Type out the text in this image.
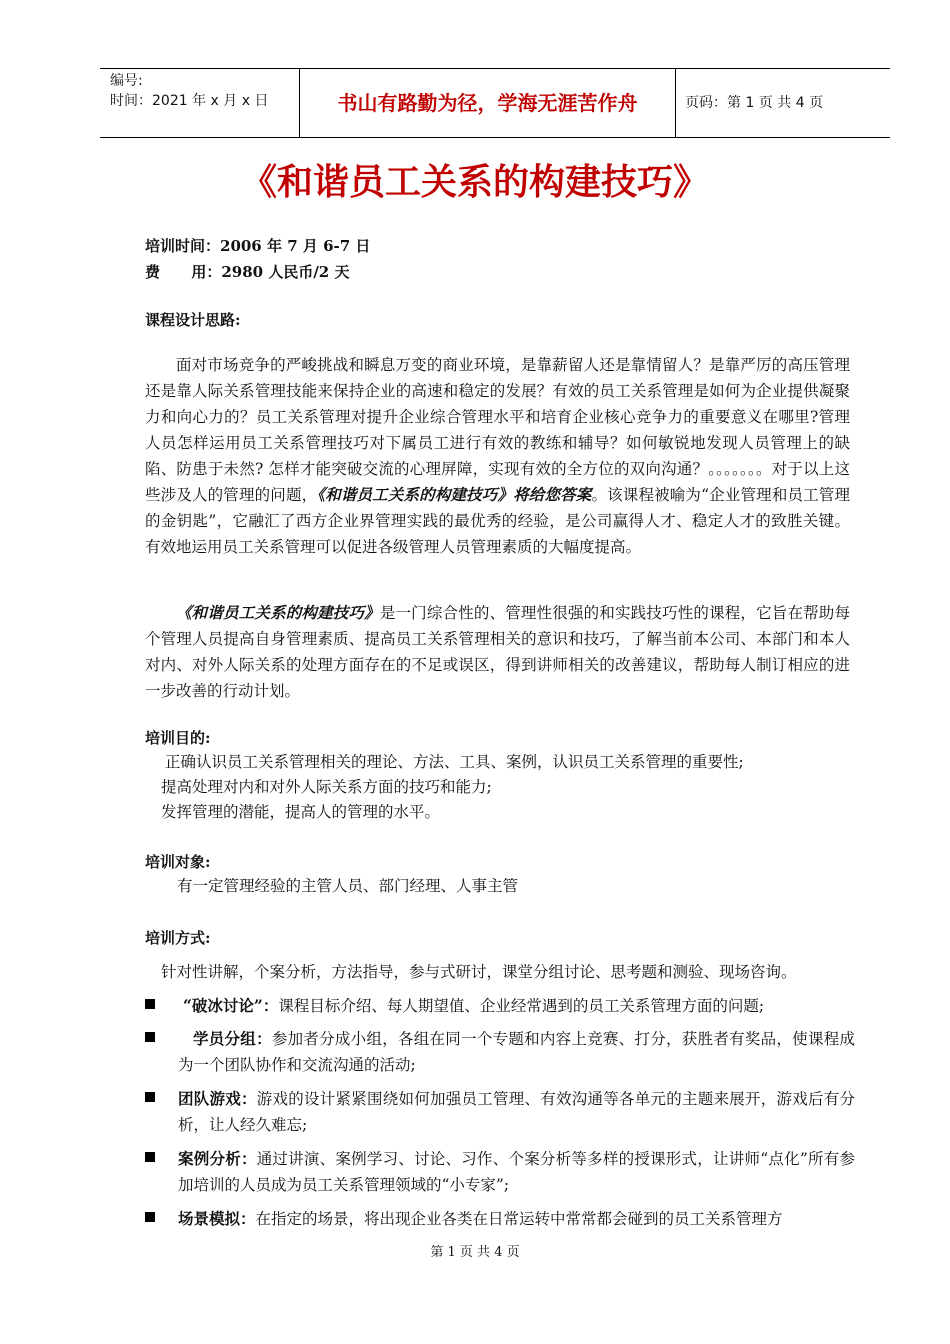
编号:
时间：2021 年 x 月 x 日	书山有路勤为径，学海无涯苦作舟	页码：第 1 页 共 4 页
《和谐员工关系的构建技巧》
培训时间：2006 年 7 月 6-7 日
费      用：2980 人民币/2 天
课程设计思路:

面对市场竞争的严峻挑战和瞬息万变的商业环境，是靠薪留人还是靠情留人？是靠严厉的高压管理还是靠人际关系管理技能来保持企业的高速和稳定的发展？有效的员工关系管理是如何为企业提供凝聚力和向心力的？员工关系管理对提升企业综合管理水平和培育企业核心竞争力的重要意义在哪里?管理人员怎样运用员工关系管理技巧对下属员工进行有效的教练和辅导？如何敏锐地发现人员管理上的缺陷、防患于未然? 怎样才能突破交流的心理屏障，实现有效的全方位的双向沟通？。。。。。。。对于以上这些涉及人的管理的问题，《和谐员工关系的构建技巧》将给您答案。该课程被喻为“企业管理和员工管理的金钥匙”，它融汇了西方企业界管理实践的最优秀的经验，是公司赢得人才、稳定人才的致胜关键。 有效地运用员工关系管理可以促进各级管理人员管理素质的大幅度提高。

《和谐员工关系的构建技巧》是一门综合性的、管理性很强的和实践技巧性的课程，它旨在帮助每个管理人员提高自身管理素质、提高员工关系管理相关的意识和技巧，了解当前本公司、本部门和本人对内、对外人际关系的处理方面存在的不足或误区，得到讲师相关的改善建议，帮助每人制订相应的进一步改善的行动计划。

培训目的:
正确认识员工关系管理相关的理论、方法、工具、案例，认识员工关系管理的重要性;
提高处理对内和对外人际关系方面的技巧和能力;
发挥管理的潜能，提高人的管理的水平。
培训对象:
有一定管理经验的主管人员、部门经理、人事主管
培训方式:
针对性讲解，个案分析，方法指导，参与式研讨，课堂分组讨论、思考题和测验、现场咨询。
“破冰讨论”：课程目标介绍、每人期望值、企业经常遇到的员工关系管理方面的问题;
学员分组：参加者分成小组，各组在同一个专题和内容上竞赛、打分，获胜者有奖品，使课程成为一个团队协作和交流沟通的活动;
团队游戏：游戏的设计紧紧围绕如何加强员工管理、有效沟通等各单元的主题来展开，游戏后有分析，让人经久难忘;
案例分析：通过讲演、案例学习、讨论、习作、个案分析等多样的授课形式，让讲师“点化”所有参加培训的人员成为员工关系管理领域的“小专家”;
场景模拟：在指定的场景，将出现企业各类在日常运转中常常都会碰到的员工关系管理方
第 1 页 共 4 页
